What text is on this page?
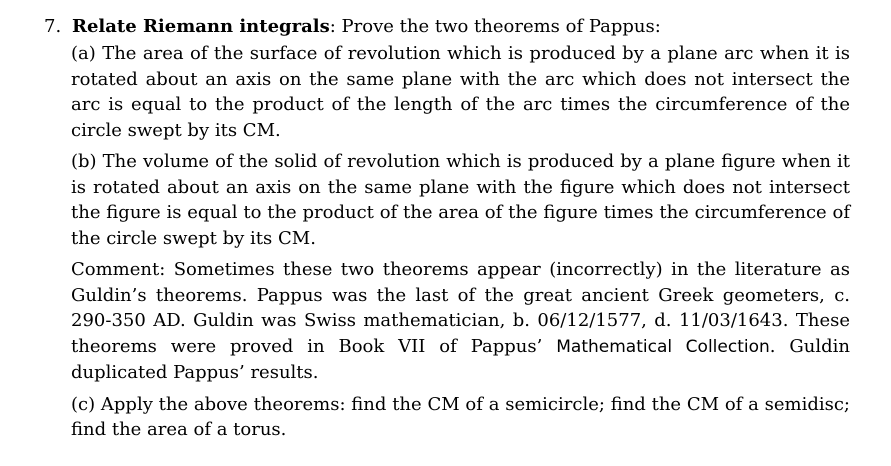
7. Relate Riemann integrals: Prove the two theorems of Pappus:
(a) The area of the surface of revolution which is produced by a plane arc when it is rotated about an axis on the same plane with the arc which does not intersect the arc is equal to the product of the length of the arc times the circumference of the circle swept by its CM.
(b) The volume of the solid of revolution which is produced by a plane figure when it is rotated about an axis on the same plane with the figure which does not intersect the figure is equal to the product of the area of the figure times the circumference of the circle swept by its CM.
Comment: Sometimes these two theorems appear (incorrectly) in the literature as Guldin’s theorems. Pappus was the last of the great ancient Greek geometers, c. 290-350 AD. Guldin was Swiss mathematician, b. 06/12/1577, d. 11/03/1643. These theorems were proved in Book VII of Pappus’ Mathematical Collection. Guldin duplicated Pappus’ results.
(c) Apply the above theorems: find the CM of a semicircle; find the CM of a semidisc; find the area of a torus.
